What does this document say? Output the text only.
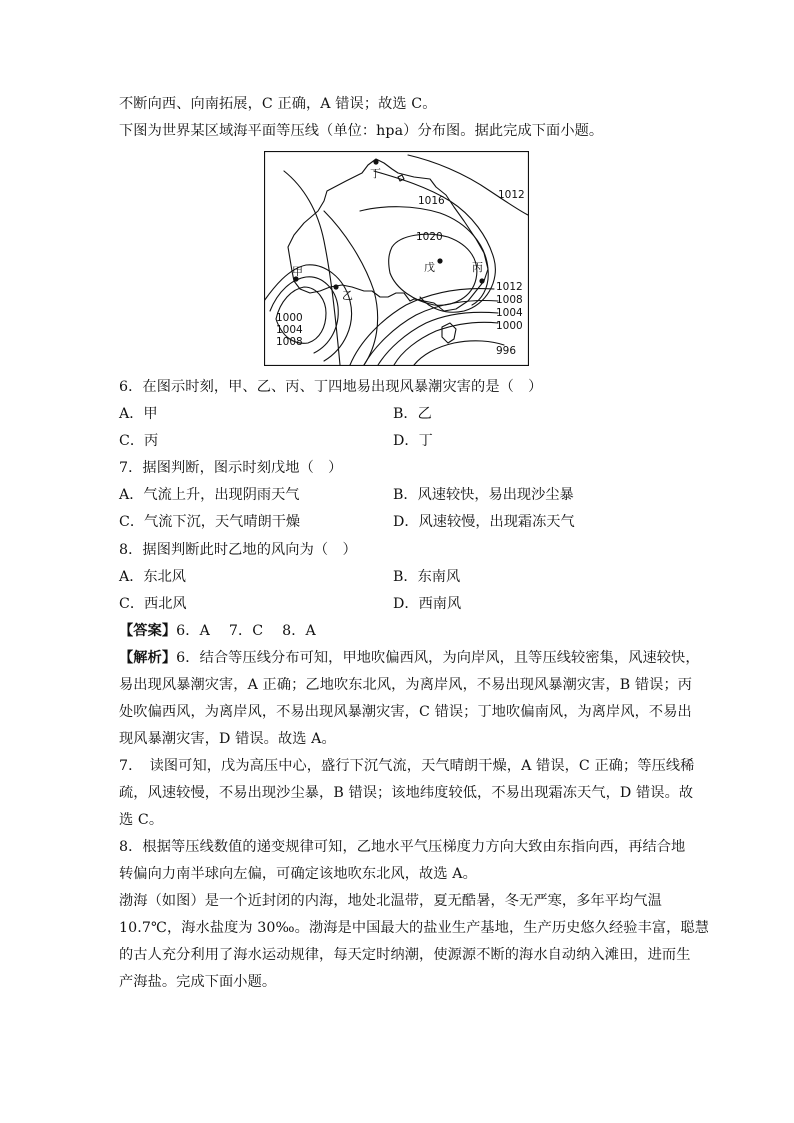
不断向西、向南拓展，C 正确，A 错误；故选 C。
下图为世界某区域海平面等压线（单位：hpa）分布图。据此完成下面小题。
丁
甲
乙
戊	丙
1012
1016
1020
1012
1008
1004
1000
996
1000
1004
1008
6．在图示时刻，甲、乙、丙、丁四地易出现风暴潮灾害的是（　）
A．甲	B．乙
C．丙	D．丁
7．据图判断，图示时刻戊地（　）
A．气流上升，出现阴雨天气	B．风速较快，易出现沙尘暴
C．气流下沉，天气晴朗干燥	D．风速较慢，出现霜冻天气
8．据图判断此时乙地的风向为（　）
A．东北风	B．东南风
C．西北风	D．西南风
【答案】6．A　 7．C　 8．A
【解析】6．结合等压线分布可知，甲地吹偏西风，为向岸风，且等压线较密集，风速较快，
易出现风暴潮灾害，A 正确；乙地吹东北风，为离岸风，不易出现风暴潮灾害，B 错误；丙
处吹偏西风，为离岸风，不易出现风暴潮灾害，C 错误；丁地吹偏南风，为离岸风，不易出
现风暴潮灾害，D 错误。故选 A。
7．　读图可知，戊为高压中心，盛行下沉气流，天气晴朗干燥，A 错误，C 正确；等压线稀
疏，风速较慢，不易出现沙尘暴，B 错误；该地纬度较低，不易出现霜冻天气，D 错误。故
选 C。
8．根据等压线数值的递变规律可知，乙地水平气压梯度力方向大致由东指向西，再结合地
转偏向力南半球向左偏，可确定该地吹东北风，故选 A。
渤海（如图）是一个近封闭的内海，地处北温带，夏无酷暑，冬无严寒，多年平均气温
10.7℃，海水盐度为 30‰。渤海是中国最大的盐业生产基地，生产历史悠久经验丰富，聪慧
的古人充分利用了海水运动规律，每天定时纳潮，使源源不断的海水自动纳入滩田，进而生
产海盐。完成下面小题。
